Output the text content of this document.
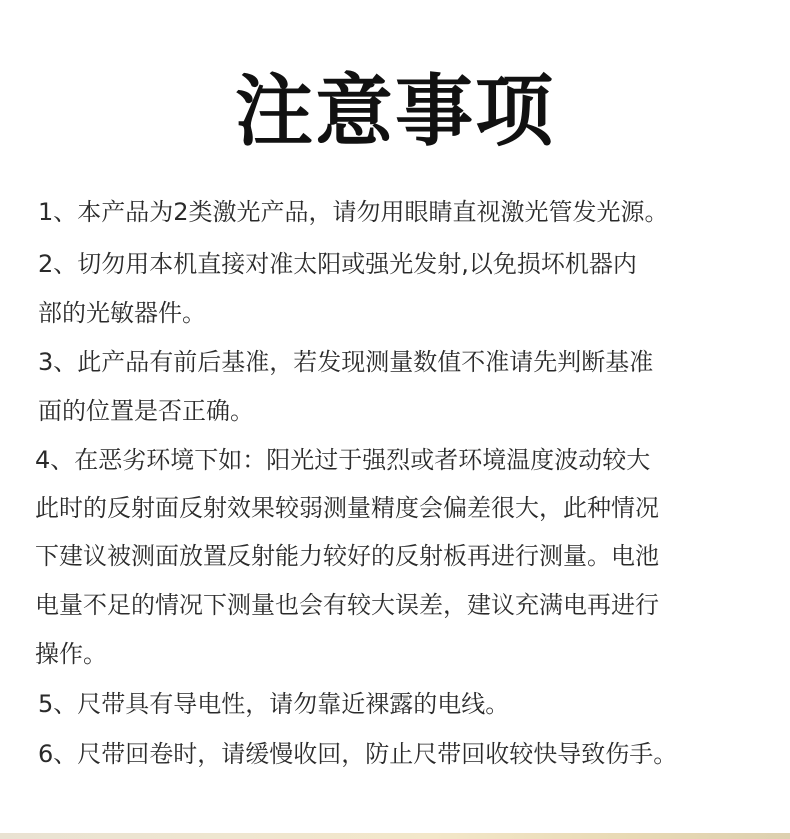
注意事项
1、本产品为2类激光产品，请勿用眼睛直视激光管发光源。
2、切勿用本机直接对准太阳或强光发射,以免损坏机器内
部的光敏器件。
3、此产品有前后基准，若发现测量数值不准请先判断基准
面的位置是否正确。
4、在恶劣环境下如：阳光过于强烈或者环境温度波动较大
此时的反射面反射效果较弱测量精度会偏差很大，此种情况
下建议被测面放置反射能力较好的反射板再进行测量。电池
电量不足的情况下测量也会有较大误差，建议充满电再进行
操作。
5、尺带具有导电性，请勿靠近裸露的电线。
6、尺带回卷时，请缓慢收回，防止尺带回收较快导致伤手。
